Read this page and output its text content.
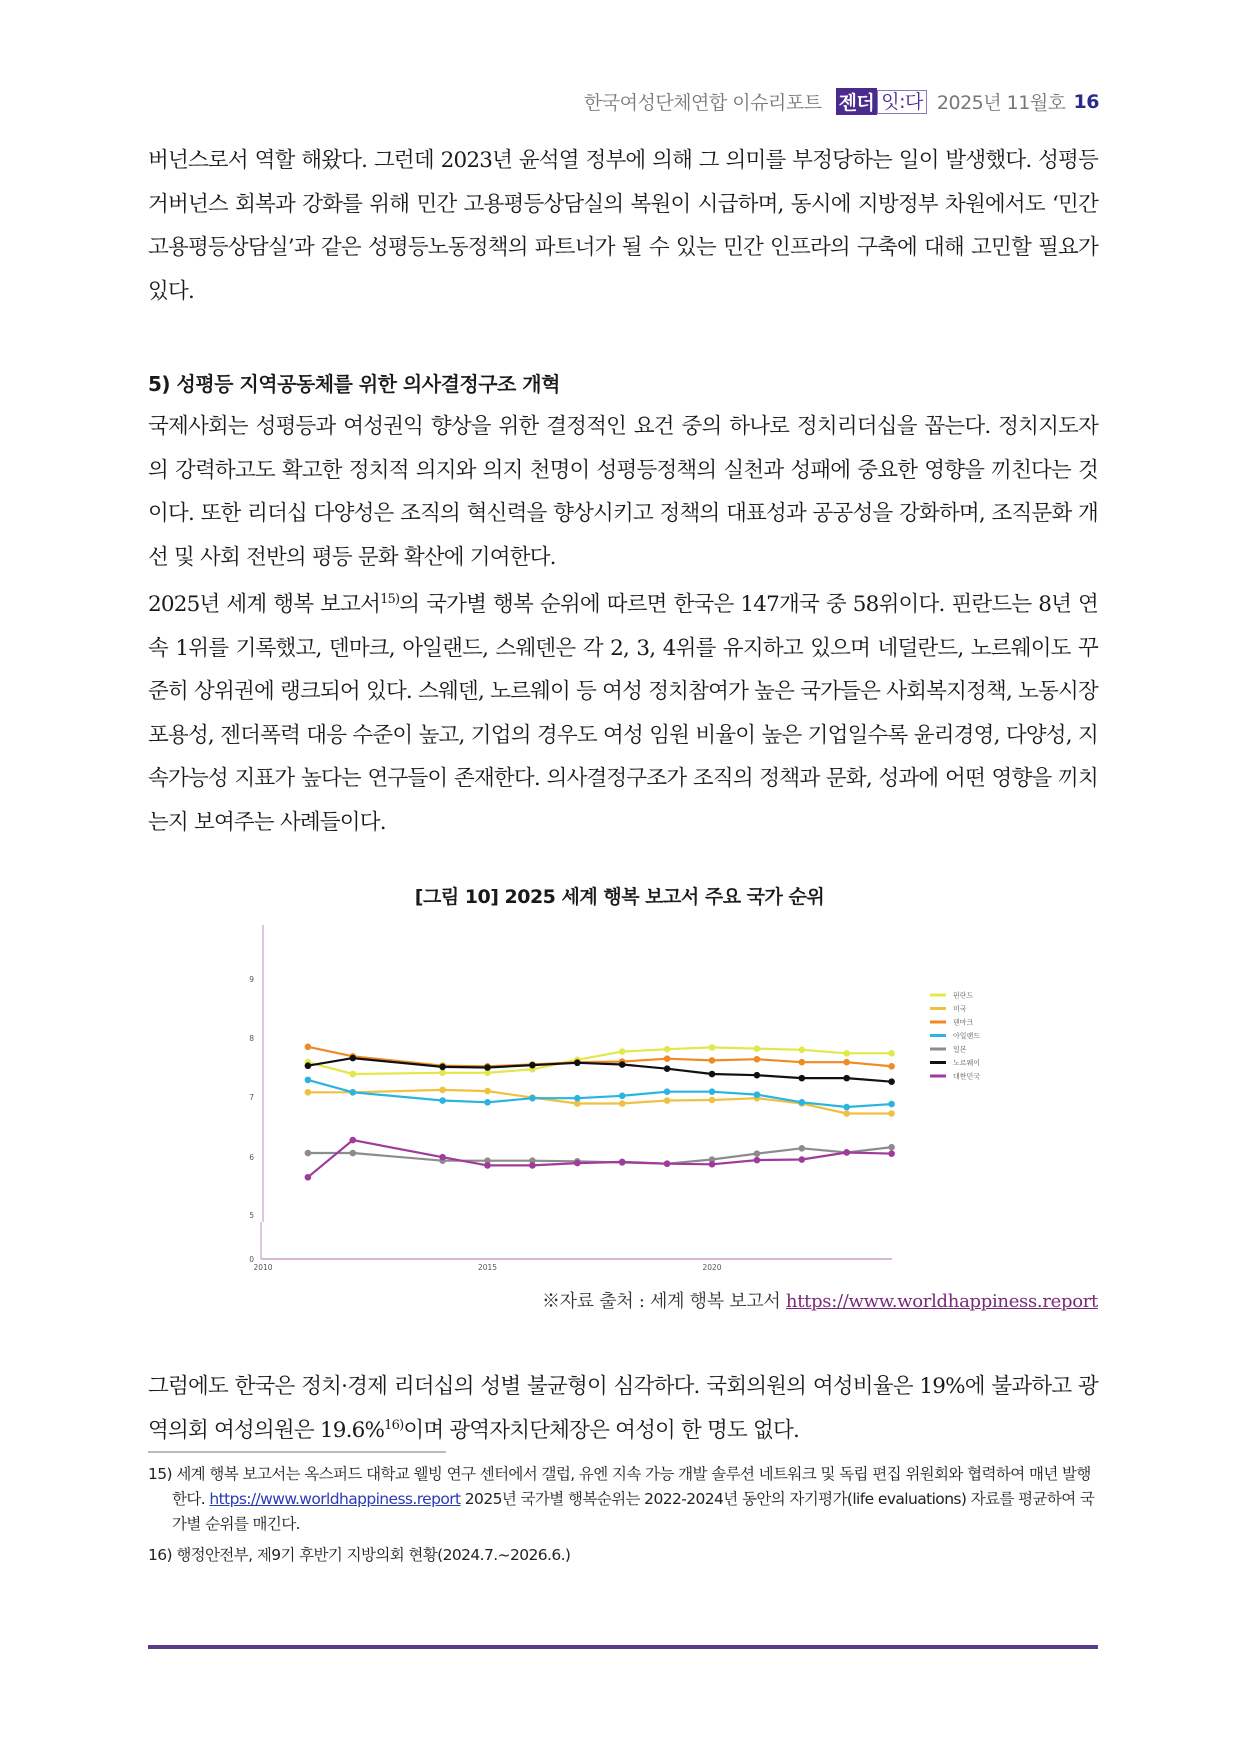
한국여성단체연합 이슈리포트 젠더 잇:다 2025년 11월호 16

버넌스로서 역할 해왔다. 그런데 2023년 윤석열 정부에 의해 그 의미를 부정당하는 일이 발생했다. 성평등 거버넌스 회복과 강화를 위해 민간 고용평등상담실의 복원이 시급하며, 동시에 지방정부 차원에서도 ‘민간 고용평등상담실’과 같은 성평등노동정책의 파트너가 될 수 있는 민간 인프라의 구축에 대해 고민할 필요가 있다.

5) 성평등 지역공동체를 위한 의사결정구조 개혁

국제사회는 성평등과 여성권익 향상을 위한 결정적인 요건 중의 하나로 정치리더십을 꼽는다. 정치지도자의 강력하고도 확고한 정치적 의지와 의지 천명이 성평등정책의 실천과 성패에 중요한 영향을 끼친다는 것이다. 또한 리더십 다양성은 조직의 혁신력을 향상시키고 정책의 대표성과 공공성을 강화하며, 조직문화 개선 및 사회 전반의 평등 문화 확산에 기여한다.

2025년 세계 행복 보고서$^{15)}$의 국가별 행복 순위에 따르면 한국은 147개국 중 58위이다. 핀란드는 8년 연속 1위를 기록했고, 덴마크, 아일랜드, 스웨덴은 각 2, 3, 4위를 유지하고 있으며 네덜란드, 노르웨이도 꾸준히 상위권에 랭크되어 있다. 스웨덴, 노르웨이 등 여성 정치참여가 높은 국가들은 사회복지정책, 노동시장 포용성, 젠더폭력 대응 수준이 높고, 기업의 경우도 여성 임원 비율이 높은 기업일수록 윤리경영, 다양성, 지속가능성 지표가 높다는 연구들이 존재한다. 의사결정구조가 조직의 정책과 문화, 성과에 어떤 영향을 끼치는지 보여주는 사례들이다.

[그림 10] 2025 세계 행복 보고서 주요 국가 순위
0
5
6
7
8
9
2010	2015	2020
핀란드
미국
덴마크
아일랜드
일본
노르웨이
대한민국
※자료 출처 : 세계 행복 보고서 https://www.worldhappiness.report

그럼에도 한국은 정치·경제 리더십의 성별 불균형이 심각하다. 국회의원의 여성비율은 19%에 불과하고 광역의회 여성의원은 19.6%$^{16)}$이며 광역자치단체장은 여성이 한 명도 없다.

15) 세계 행복 보고서는 옥스퍼드 대학교 웰빙 연구 센터에서 갤럽, 유엔 지속 가능 개발 솔루션 네트워크 및 독립 편집 위원회와 협력하여 매년 발행한다. https://www.worldhappiness.report 2025년 국가별 행복순위는 2022-2024년 동안의 자기평가(life evaluations) 자료를 평균하여 국가별 순위를 매긴다.
16) 행정안전부, 제9기 후반기 지방의회 현황(2024.7.~2026.6.)
